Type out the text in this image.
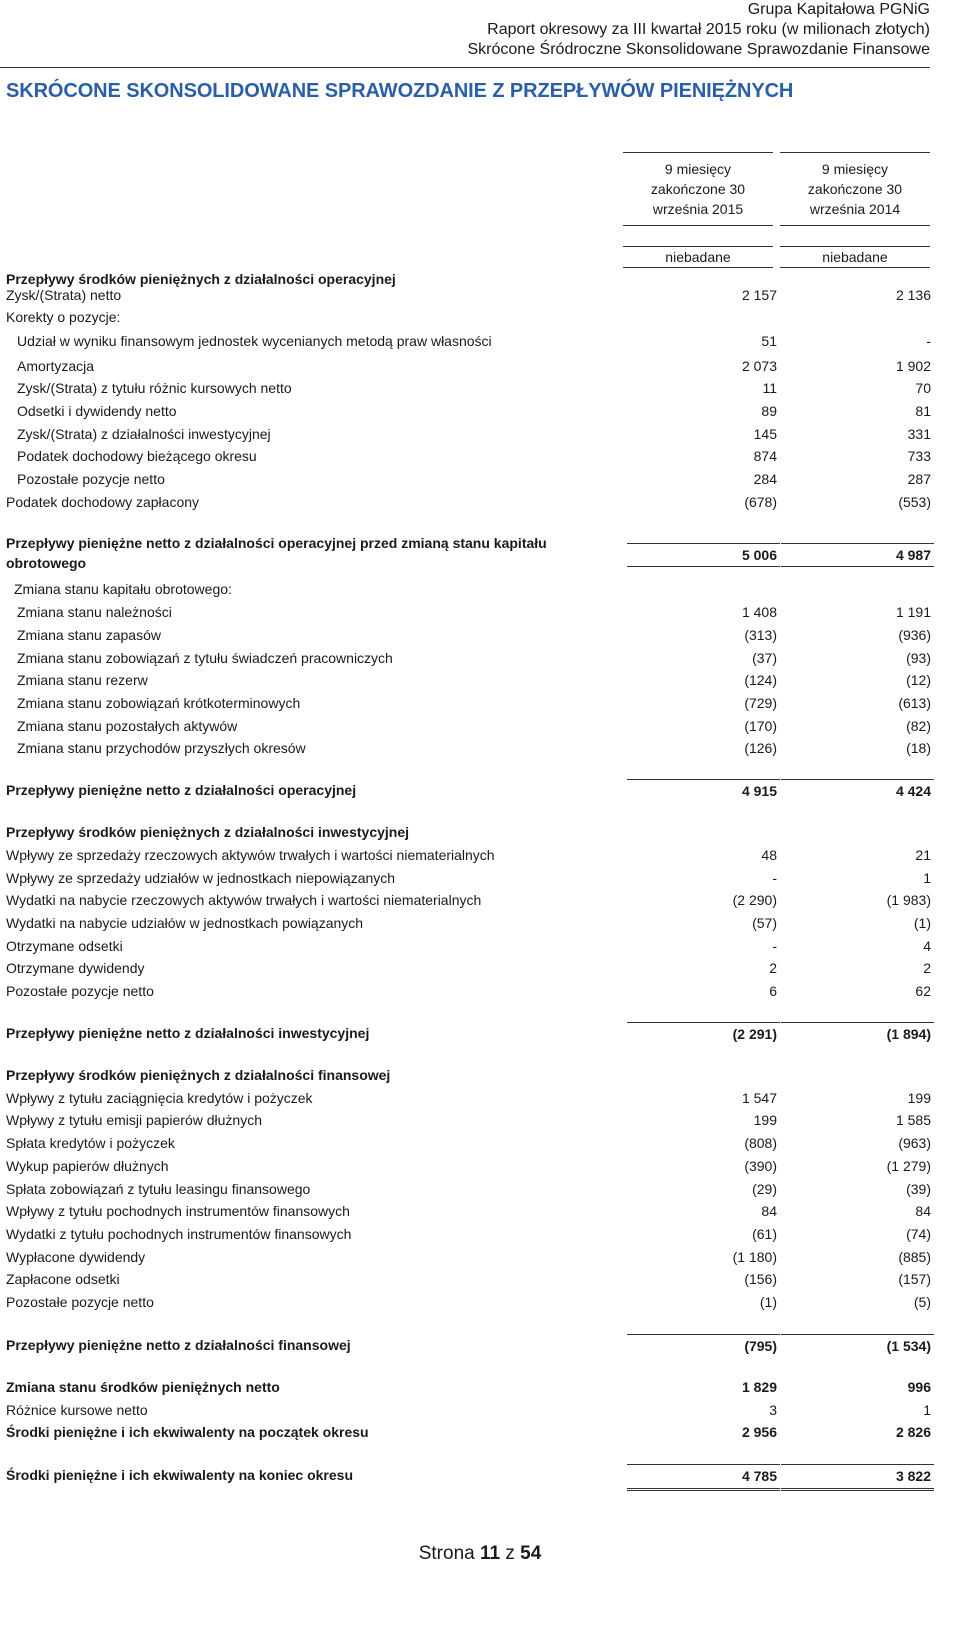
Grupa Kapitałowa PGNiG
Raport okresowy za III kwartał 2015 roku (w milionach złotych)
Skrócone Śródroczne Skonsolidowane Sprawozdanie Finansowe
SKRÓCONE SKONSOLIDOWANE SPRAWOZDANIE Z PRZEPŁYWÓW PIENIĘŻNYCH
9 miesięcy
zakończone 30
września 2015
9 miesięcy
zakończone 30
września 2014
niebadane	niebadane
Przepływy środków pieniężnych z działalności operacyjnej
Zysk/(Strata) netto	2 157	2 136
Korekty o pozycje:
Udział w wyniku finansowym jednostek wycenianych metodą praw własności	51	-
Amortyzacja	2 073	1 902
Zysk/(Strata) z tytułu różnic kursowych netto	11	70
Odsetki i dywidendy netto	89	81
Zysk/(Strata) z działalności inwestycyjnej	145	331
Podatek dochodowy bieżącego okresu	874	733
Pozostałe pozycje netto	284	287
Podatek dochodowy zapłacony	(678)	(553)
Przepływy pieniężne netto z działalności operacyjnej przed zmianą stanu kapitału obrotowego	5 006	4 987
Zmiana stanu kapitału obrotowego:
Zmiana stanu należności	1 408	1 191
Zmiana stanu zapasów	(313)	(936)
Zmiana stanu zobowiązań z tytułu świadczeń pracowniczych	(37)	(93)
Zmiana stanu rezerw	(124)	(12)
Zmiana stanu zobowiązań krótkoterminowych	(729)	(613)
Zmiana stanu pozostałych aktywów	(170)	(82)
Zmiana stanu przychodów przyszłych okresów	(126)	(18)
Przepływy pieniężne netto z działalności operacyjnej	4 915	4 424
Przepływy środków pieniężnych z działalności inwestycyjnej
Wpływy ze sprzedaży rzeczowych aktywów trwałych i wartości niematerialnych	48	21
Wpływy ze sprzedaży udziałów w jednostkach niepowiązanych	-	1
Wydatki na nabycie rzeczowych aktywów trwałych i wartości niematerialnych	(2 290)	(1 983)
Wydatki na nabycie udziałów w jednostkach powiązanych	(57)	(1)
Otrzymane odsetki	-	4
Otrzymane dywidendy	2	2
Pozostałe pozycje netto	6	62
Przepływy pieniężne netto z działalności inwestycyjnej	(2 291)	(1 894)
Przepływy środków pieniężnych z działalności finansowej
Wpływy z tytułu zaciągnięcia kredytów i pożyczek	1 547	199
Wpływy z tytułu emisji papierów dłużnych	199	1 585
Spłata kredytów i pożyczek	(808)	(963)
Wykup papierów dłużnych	(390)	(1 279)
Spłata zobowiązań z tytułu leasingu finansowego	(29)	(39)
Wpływy z tytułu pochodnych instrumentów finansowych	84	84
Wydatki z tytułu pochodnych instrumentów finansowych	(61)	(74)
Wypłacone dywidendy	(1 180)	(885)
Zapłacone odsetki	(156)	(157)
Pozostałe pozycje netto	(1)	(5)
Przepływy pieniężne netto z działalności finansowej	(795)	(1 534)
Zmiana stanu środków pieniężnych netto	1 829	996
Różnice kursowe netto	3	1
Środki pieniężne i ich ekwiwalenty na początek okresu	2 956	2 826
Środki pieniężne i ich ekwiwalenty na koniec okresu	4 785	3 822
Strona 11 z 54
